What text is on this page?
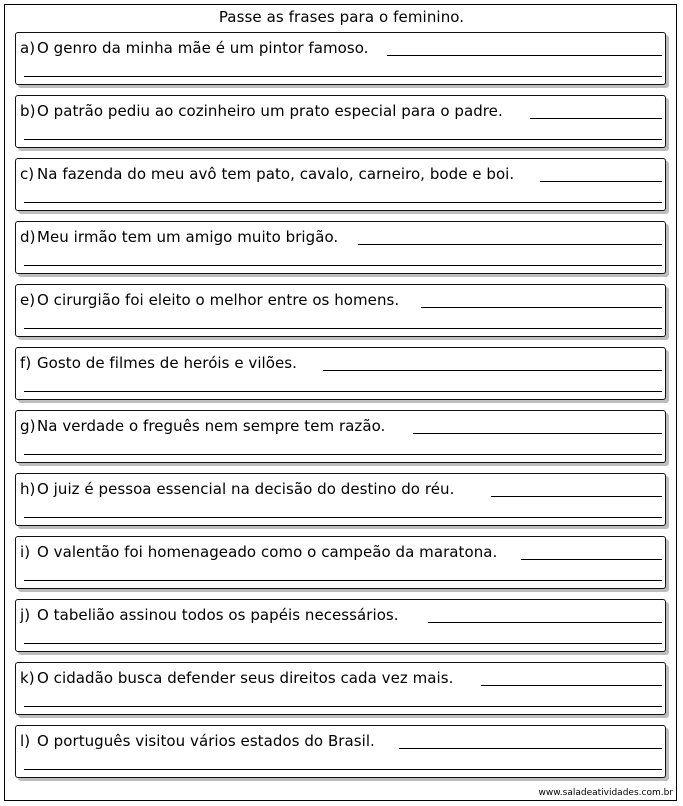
Passe as frases para o feminino.
a) O genro da minha mãe é um pintor famoso.
b) O patrão pediu ao cozinheiro um prato especial para o padre.
c) Na fazenda do meu avô tem pato, cavalo, carneiro, bode e boi.
d) Meu irmão tem um amigo muito brigão.
e) O cirurgião foi eleito o melhor entre os homens.
f) Gosto de filmes de heróis e vilões.
g) Na verdade o freguês nem sempre tem razão.
h) O juiz é pessoa essencial na decisão do destino do réu.
i) O valentão foi homenageado como o campeão da maratona.
j) O tabelião assinou todos os papéis necessários.
k) O cidadão busca defender seus direitos cada vez mais.
l) O português visitou vários estados do Brasil.
www.saladeatividades.com.br
